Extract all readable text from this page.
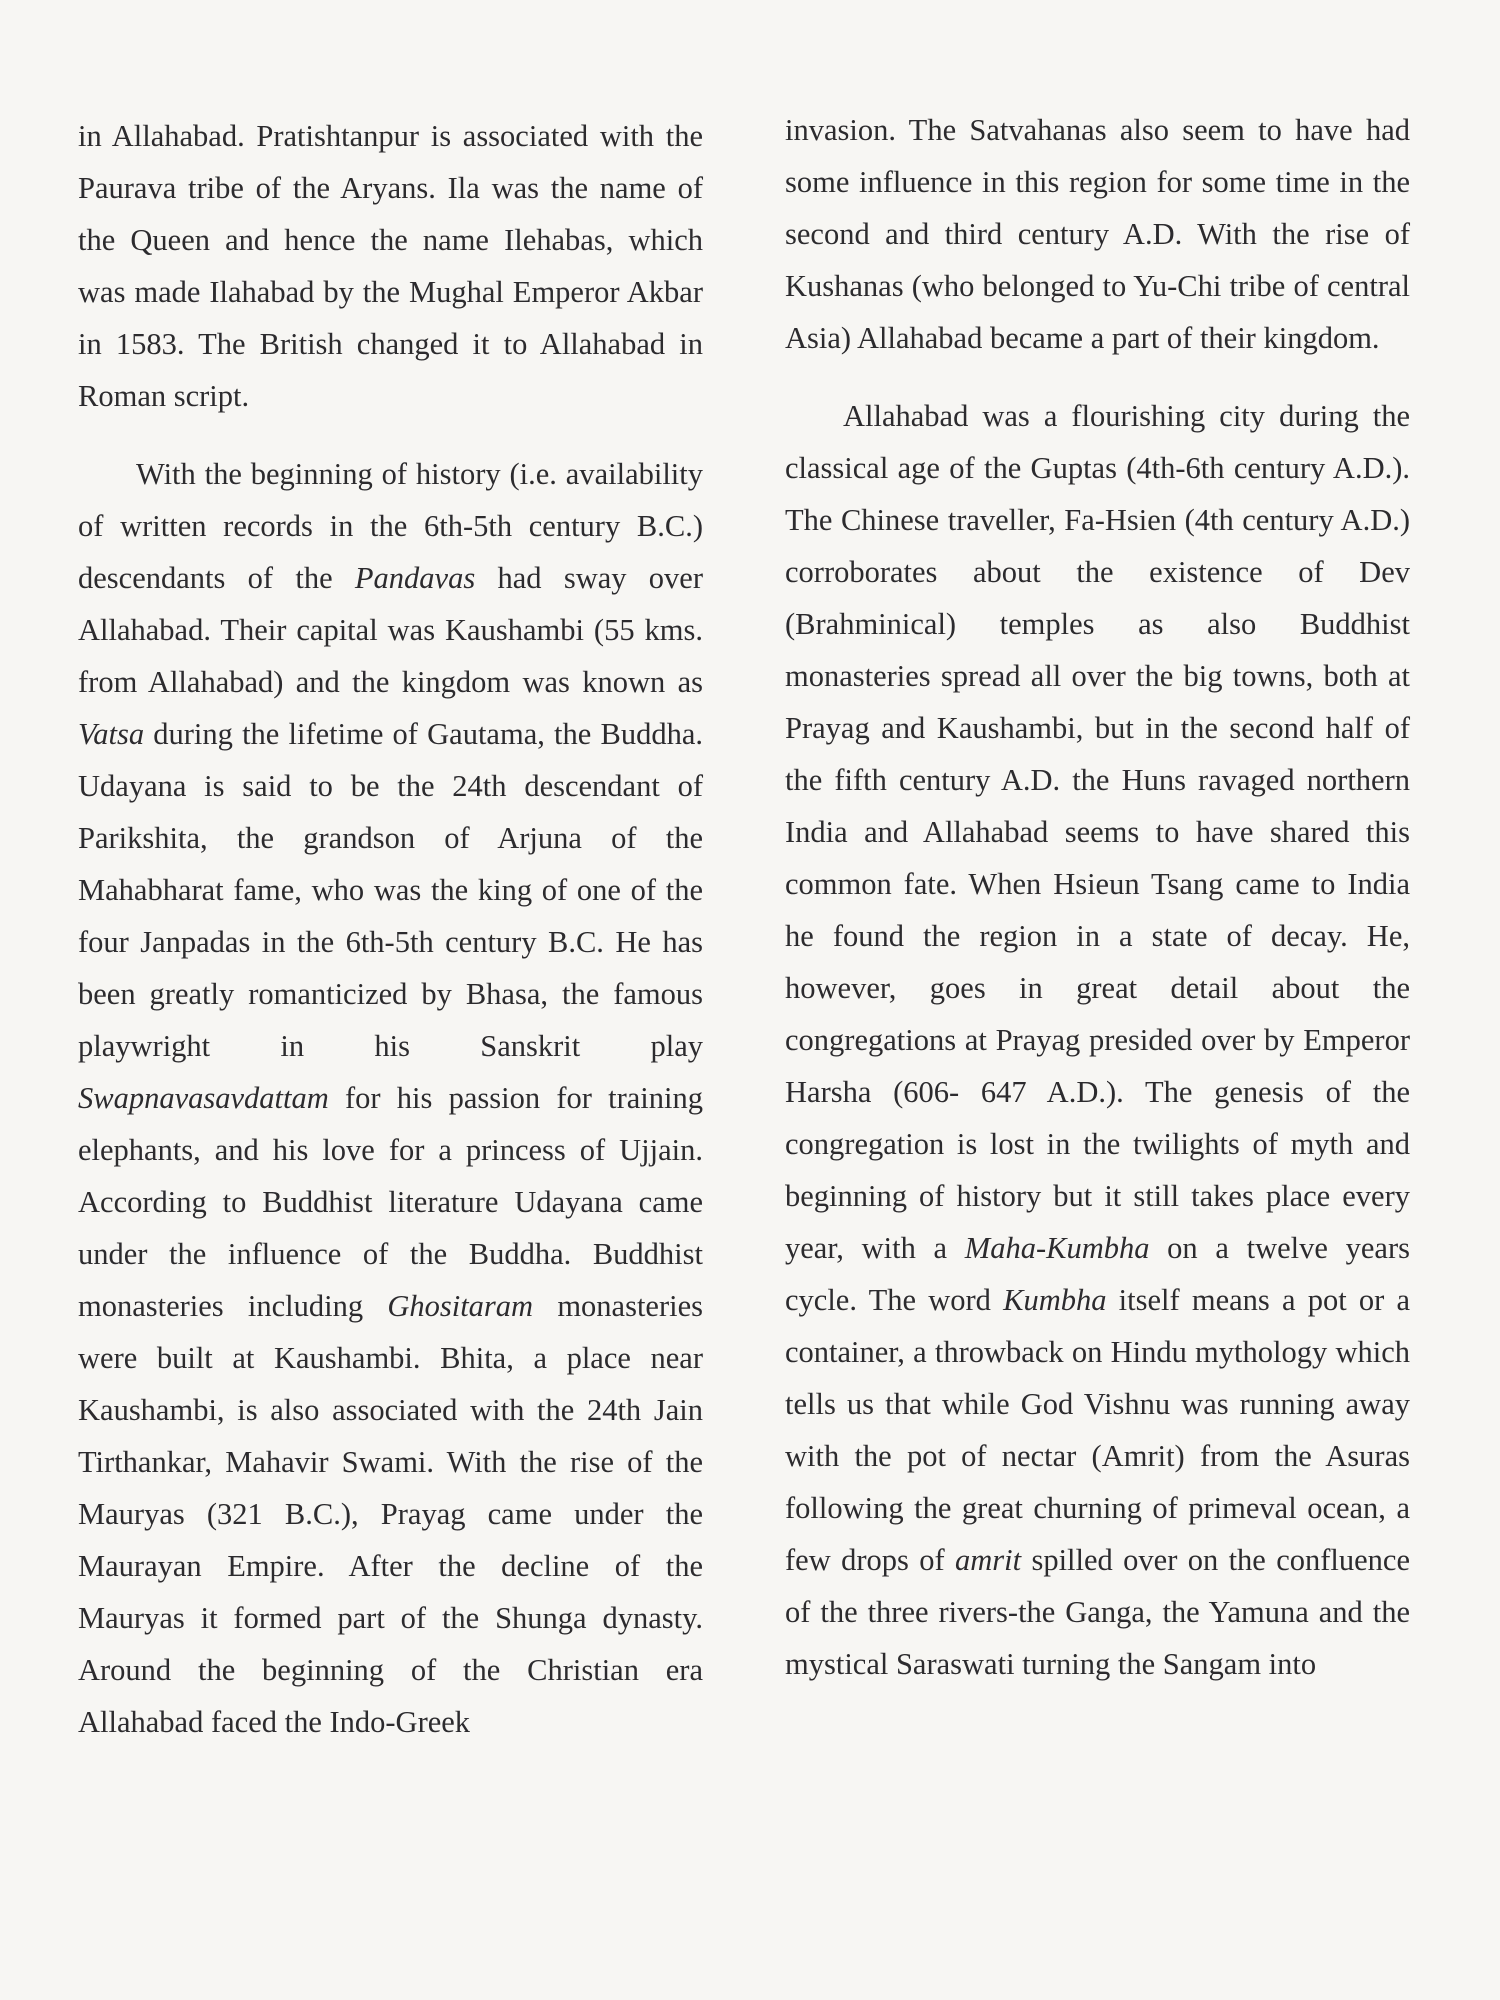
in Allahabad. Pratishtanpur is associated with the Paurava tribe of the Aryans. Ila was the name of the Queen and hence the name Ilehabas, which was made Ilahabad by the Mughal Emperor Akbar in 1583. The British changed it to Allahabad in Roman script.

With the beginning of history (i.e. availability of written records in the 6th-5th century B.C.) descendants of the Pandavas had sway over Allahabad. Their capital was Kaushambi (55 kms. from Allahabad) and the kingdom was known as Vatsa during the lifetime of Gautama, the Buddha. Udayana is said to be the 24th descendant of Parikshita, the grandson of Arjuna of the Mahabharat fame, who was the king of one of the four Janpadas in the 6th-5th century B.C. He has been greatly romanticized by Bhasa, the famous playwright in his Sanskrit play Swapnavasavdattam for his passion for training elephants, and his love for a princess of Ujjain. According to Buddhist literature Udayana came under the influence of the Buddha. Buddhist monasteries including Ghositaram monasteries were built at Kaushambi. Bhita, a place near Kaushambi, is also associated with the 24th Jain Tirthankar, Mahavir Swami. With the rise of the Mauryas (321 B.C.), Prayag came under the Maurayan Empire. After the decline of the Mauryas it formed part of the Shunga dynasty. Around the beginning of the Christian era Allahabad faced the Indo-Greek

invasion. The Satvahanas also seem to have had some influence in this region for some time in the second and third century A.D. With the rise of Kushanas (who belonged to Yu-Chi tribe of central Asia) Allahabad became a part of their kingdom.

Allahabad was a flourishing city during the classical age of the Guptas (4th-6th century A.D.). The Chinese traveller, Fa-Hsien (4th century A.D.) corroborates about the existence of Dev (Brahminical) temples as also Buddhist monasteries spread all over the big towns, both at Prayag and Kaushambi, but in the second half of the fifth century A.D. the Huns ravaged northern India and Allahabad seems to have shared this common fate. When Hsieun Tsang came to India he found the region in a state of decay. He, however, goes in great detail about the congregations at Prayag presided over by Emperor Harsha (606- 647 A.D.). The genesis of the congregation is lost in the twilights of myth and beginning of history but it still takes place every year, with a Maha-Kumbha on a twelve years cycle. The word Kumbha itself means a pot or a container, a throwback on Hindu mythology which tells us that while God Vishnu was running away with the pot of nectar (Amrit) from the Asuras following the great churning of primeval ocean, a few drops of amrit spilled over on the confluence of the three rivers-the Ganga, the Yamuna and the mystical Saraswati turning the Sangam into
